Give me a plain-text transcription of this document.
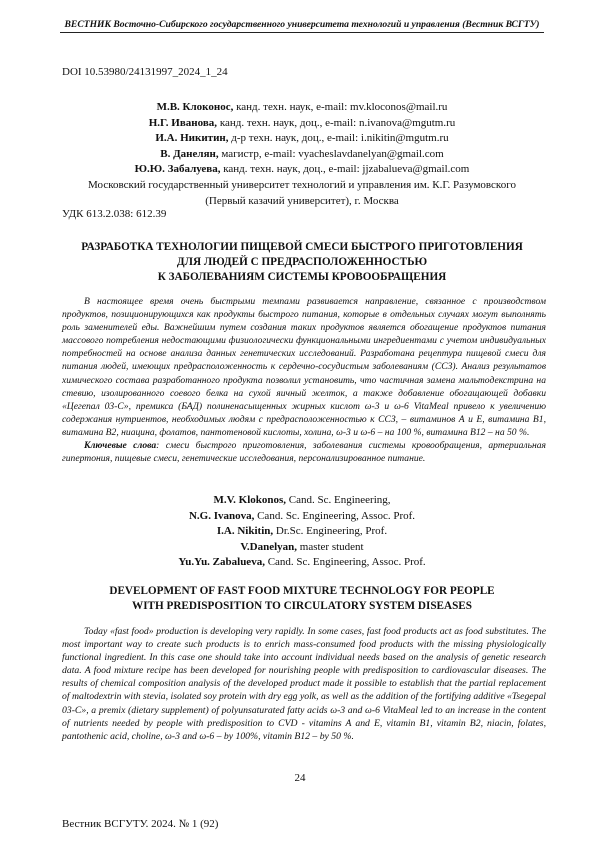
ВЕСТНИК Восточно-Сибирского государственного университета технологий и управления (Вестник ВСГТУ)
DOI 10.53980/24131997_2024_1_24
М.В. Клоконос, канд. техн. наук, e-mail: mv.kloconos@mail.ru
Н.Г. Иванова, канд. техн. наук, доц., e-mail: n.ivanova@mgutm.ru
И.А. Никитин, д-р техн. наук, доц., e-mail: i.nikitin@mgutm.ru
В. Данелян, магистр, e-mail: vyacheslavdanelyan@gmail.com
Ю.Ю. Забалуева, канд. техн. наук, доц., e-mail: jjzabalueva@gmail.com
Московский государственный университет технологий и управления им. К.Г. Разумовского
(Первый казачий университет), г. Москва
УДК 613.2.038: 612.39
РАЗРАБОТКА ТЕХНОЛОГИИ ПИЩЕВОЙ СМЕСИ БЫСТРОГО ПРИГОТОВЛЕНИЯ
ДЛЯ ЛЮДЕЙ С ПРЕДРАСПОЛОЖЕННОСТЬЮ
К ЗАБОЛЕВАНИЯМ СИСТЕМЫ КРОВООБРАЩЕНИЯ

В настоящее время очень быстрыми темпами развивается направление, связанное с производством продуктов, позиционирующихся как продукты быстрого питания, которые в отдельных случаях могут выполнять роль заменителей еды. Важнейшим путем создания таких продуктов является обогащение продуктов питания массового потребления недостающими физиологически функциональными ингредиентами с учетом индивидуальных потребностей на основе анализа данных генетических исследований. Разработана рецептура пищевой смеси для питания людей, имеющих предрасположенность к сердечно-сосудистым заболеваниям (ССЗ). Анализ результатов химического состава разработанного продукта позволил установить, что частичная замена мальтодекстрина на стевию, изолированного соевого белка на сухой яичный желток, а также добавление обогащающей добавки «Цегепал 03-С», премикса (БАД) полиненасыщенных жирных кислот ω-3 и ω-6 VitaMeal привело к увеличению содержания нутриентов, необходимых людям с предрасположенностью к ССЗ, – витаминов А и Е, витамина В1, витамина В2, ниацина, фолатов, пантотеновой кислоты, холина, ω-3 и ω-6 – на 100 %, витамина В12 – на 50 %.

Ключевые слова: смеси быстрого приготовления, заболевания системы кровообращения, артериальная гипертония, пищевые смеси, генетические исследования, персонализированное питание.

M.V. Klokonos, Cand. Sc. Engineering,
N.G. Ivanova, Cand. Sc. Engineering, Assoc. Prof.
I.A. Nikitin, Dr.Sc. Engineering, Prof.
V.Danelyan, master student
Yu.Yu. Zabalueva, Cand. Sc. Engineering, Assoc. Prof.
DEVELOPMENT OF FAST FOOD MIXTURE TECHNOLOGY FOR PEOPLE
WITH PREDISPOSITION TO CIRCULATORY SYSTEM DISEASES

Today «fast food» production is developing very rapidly. In some cases, fast food products act as food substitutes. The most important way to create such products is to enrich mass-consumed food products with the missing physiologically functional ingredient. In this case one should take into account individual needs based on the analysis of genetic research data. A food mixture recipe has been developed for nourishing people with predisposition to cardiovascular diseases. The results of chemical composition analysis of the developed product made it possible to establish that the partial replacement of maltodextrin with stevia, isolated soy protein with dry egg yolk, as well as the addition of the fortifying additive «Tsegepal 03-C», a premix (dietary supplement) of polyunsaturated fatty acids ω-3 and ω-6 VitaMeal led to an increase in the content of nutrients needed by people with predisposition to CVD - vitamins A and E, vitamin B1, vitamin B2, niacin, folates, pantothenic acid, choline, ω-3 and ω-6 – by 100%, vitamin B12 – by 50 %.

24
Вестник ВСГУТУ. 2024. № 1 (92)
